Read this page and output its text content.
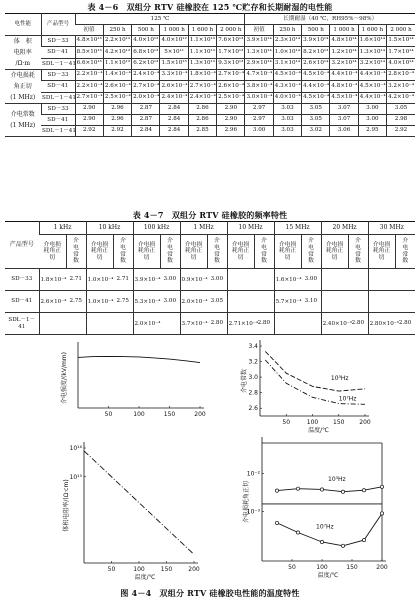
表 4－6　双组分 RTV 硅橡胶在 125 ℃贮存和长期耐湿的电性能
电性能	产品型号	125 ℃						长期耐湿（40 ℃，RH95%～98%）					
		初值	250 h	500 h	1 000 h	1 600 h	2 000 h	初值	250 h	500 h	1 000 h	1 600 h	2 000 h

体　积
电阻率
/Ω·m	SD－33	4.8×10¹³	2.2×10¹³	4.0×10¹²	4.0×10¹²	1.1×10¹³	7.6×10¹³	3.9×10¹⁴	2.3×10¹⁴	3.9×10¹⁴	4.8×10¹⁴	1.6×10¹⁴	1.5×10¹⁴
	SD－41	8.5×10¹³	4.2×10¹³	6.8×10¹³	5×10¹¹	1.1×10¹³	1.7×10¹³	1.3×10¹⁴	1.0×10¹⁴	8.2×10¹³	1.2×10¹⁴	1.3×10¹⁴	1.7×10¹⁴
	SDL－1－41	6.6×10¹³	1.1×10¹³	6.2×10¹³	1.5×10¹³	1.3×10¹³	9.3×10¹³	2.9×10¹⁴	3.1×10¹⁴	2.6×10¹⁴	3.2×10¹⁴	3.2×10¹⁴	4.0×10¹⁴

介电损耗
角正切
(1 MHz)	SD－33	2.2×10⁻⁴	1.4×10⁻⁴	2.4×10⁻⁴	3.3×10⁻⁴	1.8×10⁻⁴	2.7×10⁻⁴	4.7×10⁻⁴	4.5×10⁻⁴	4.5×10⁻⁴	4.4×10⁻⁴	4.4×10⁻⁴	2.8×10⁻⁴
	SD－41	2.2×10⁻⁴	2.6×10⁻⁴	2.7×10⁻⁴	2.6×10⁻⁴	2.7×10⁻⁴	2.6×10⁻⁴	3.8×10⁻⁴	4.3×10⁻⁴	4.4×10⁻⁴	4.8×10⁻⁴	4.5×10⁻⁴	3.2×10⁻⁴
	SDL－1－41	2.7×10⁻⁴	2.5×10⁻⁴	2.0×10⁻⁴	2.4×10⁻⁴	2.4×10⁻⁴	2.5×10⁻⁴	3.0×10⁻⁴	4.0×10⁻⁴	4.5×10⁻⁴	4.5×10⁻⁴	4.4×10⁻⁴	4.2×10⁻⁴

介电常数
(1 MHz)	SD－33	2.90	2.96	2.87	2.84	2.86	2.90	2.97	3.03	3.05	3.07	3.00	3.05
	SD－41	2.90	2.96	2.87	2.84	2.86	2.90	2.97	3.03	3.05	3.07	3.00	2.98
	SDL－1－41	2.92	2.92	2.84	2.84	2.85	2.96	3.00	3.03	3.02	3.06	2.95	2.92
表 4－7　双组分 RTV 硅橡胶的频率特性
产品型号	1 kHz		10 kHz		100 kHz		1 MHz		10 MHz		15 MHz		20 MHz		30 MHz	
	介电损耗角正切	介电常数	介电损耗角正切	介电常数	介电损耗角正切	介电常数	介电损耗角正切	介电常数	介电损耗角正切	介电常数	介电损耗角正切	介电常数	介电损耗角正切	介电常数	介电损耗角正切	介电常数
SD－33	1.8×10⁻⁴	2.71	1.0×10⁻⁴	2.71	3.9×10⁻⁴	3.00	0.9×10⁻⁴	3.00			1.6×10⁻⁴	3.00				
SD－41	2.6×10⁻⁴	2.75	1.0×10⁻⁴	2.75	5.3×10⁻⁴	3.00	2.0×10⁻⁴	3.05			5.7×10⁻⁴	3.10				
SDL－1－41					2.0×10⁻⁴		3.7×10⁻⁴	2.80	2.71×10⁻⁴	2.80			2.40×10⁻³	2.80	2.80×10⁻³	2.80
50	100	150	200
介电强度/(kV/mm)
50	100 150 200
2.6
2.8
3.0
3.2
3.4
介电常数
温度/℃
10³Hz
10⁷Hz
50	100	150	200
10¹⁶
10¹⁵
体积电阻率/(Ω·cm)
温度/℃
50	100	150	200
10⁻²
10⁻³
介电损耗角正切
温度/℃
10³Hz
10⁷Hz
图 4－4　双组分 RTV 硅橡胶电性能的温度特性
